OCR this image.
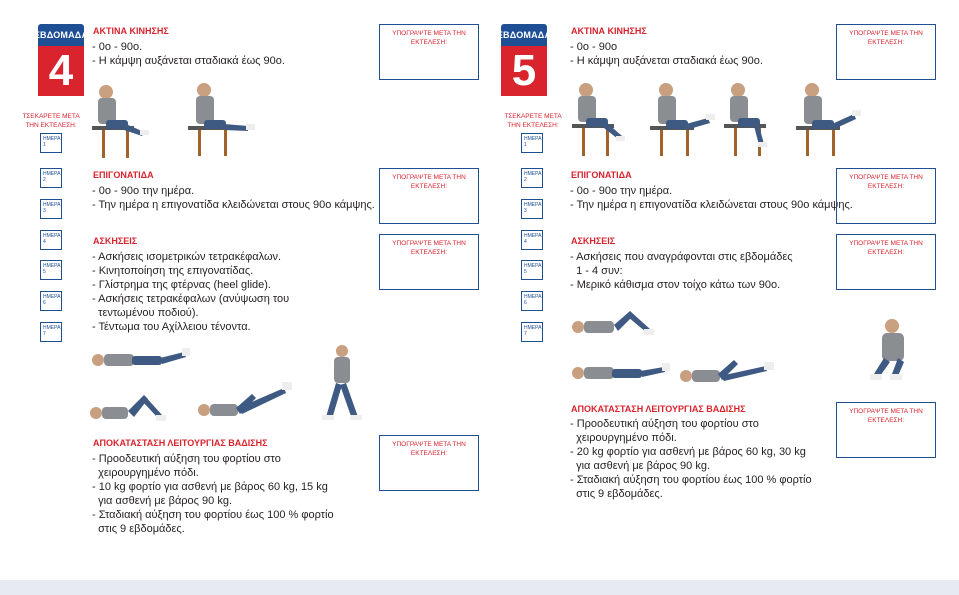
ΕΒΔΟΜΑΔΑ
4
ΑΚΤΙΝΑ ΚΙΝΗΣΗΣ
- 0ο - 90ο.
- Η κάμψη αυξάνεται σταδιακά έως 90ο.
ΥΠΟΓΡΑΨΤΕ ΜΕΤΑ ΤΗΝ ΕΚΤΕΛΕΣΗ:
ΤΣΕΚΑΡΕΤΕ ΜΕΤΑ ΤΗΝ ΕΚΤΕΛΕΣΗ:
ΗΜΕΡΑ 1
ΗΜΕΡΑ 2
ΗΜΕΡΑ 3
ΕΠΙΓΟΝΑΤΙΔΑ
- 0ο - 90ο την ημέρα.
- Την ημέρα η επιγονατίδα κλειδώνεται στους 90ο κάμψης.
ΥΠΟΓΡΑΨΤΕ ΜΕΤΑ ΤΗΝ ΕΚΤΕΛΕΣΗ:
ΗΜΕΡΑ 4
ΗΜΕΡΑ 5
ΗΜΕΡΑ 6
ΗΜΕΡΑ 7
ΑΣΚΗΣΕΙΣ
- Ασκήσεις ισομετρικών τετρακέφαλων.
- Κινητοποίηση της επιγονατίδας.
- Γλίστρημα της φτέρνας (heel glide).
- Ασκήσεις τετρακέφαλων (ανύψωση του
τεντωμένου ποδιού).
- Τέντωμα του Αχίλλειου τένοντα.
ΥΠΟΓΡΑΨΤΕ ΜΕΤΑ ΤΗΝ ΕΚΤΕΛΕΣΗ:
ΥΠΟΓΡΑΨΤΕ ΜΕΤΑ ΤΗΝ ΕΚΤΕΛΕΣΗ:
ΑΠΟΚΑΤΑΣΤΑΣΗ ΛΕΙΤΟΥΡΓΙΑΣ ΒΑΔΙΣΗΣ
- Προοδευτική αύξηση του φορτίου στο
χειρουργημένο πόδι.
- 10 kg φορτίο για ασθενή με βάρος 60 kg, 15 kg
για ασθενή με βάρος 90 kg.
- Σταδιακή αύξηση του φορτίου έως 100 % φορτίο
στις 9 εβδομάδες.
ΕΒΔΟΜΑΔΑ
5
ΑΚΤΙΝΑ ΚΙΝΗΣΗΣ
- 0ο - 90ο
- Η κάμψη αυξάνεται σταδιακά έως 90ο.
ΥΠΟΓΡΑΨΤΕ ΜΕΤΑ ΤΗΝ ΕΚΤΕΛΕΣΗ:
ΤΣΕΚΑΡΕΤΕ ΜΕΤΑ ΤΗΝ ΕΚΤΕΛΕΣΗ:
ΗΜΕΡΑ 1
ΗΜΕΡΑ 2
ΗΜΕΡΑ 3
ΕΠΙΓΟΝΑΤΙΔΑ
- 0ο - 90ο την ημέρα.
- Την ημέρα η επιγονατίδα κλειδώνεται στους 90ο κάμψης.
ΥΠΟΓΡΑΨΤΕ ΜΕΤΑ ΤΗΝ ΕΚΤΕΛΕΣΗ:
ΗΜΕΡΑ 4
ΗΜΕΡΑ 5
ΗΜΕΡΑ 6
ΗΜΕΡΑ 7
ΑΣΚΗΣΕΙΣ
- Ασκήσεις που αναγράφονται στις εβδομάδες
1 - 4 συν:
- Μερικό κάθισμα στον τοίχο κάτω των 90ο.
ΥΠΟΓΡΑΨΤΕ ΜΕΤΑ ΤΗΝ ΕΚΤΕΛΕΣΗ:
ΥΠΟΓΡΑΨΤΕ ΜΕΤΑ ΤΗΝ ΕΚΤΕΛΕΣΗ:
ΑΠΟΚΑΤΑΣΤΑΣΗ ΛΕΙΤΟΥΡΓΙΑΣ ΒΑΔΙΣΗΣ
- Προοδευτική αύξηση του φορτίου στο
χειρουργημένο πόδι.
- 20 kg φορτίο για ασθενή με βάρος 60 kg, 30 kg
για ασθενή με βάρος 90 kg.
- Σταδιακή αύξηση του φορτίου έως 100 % φορτίο
στις 9 εβδομάδες.
